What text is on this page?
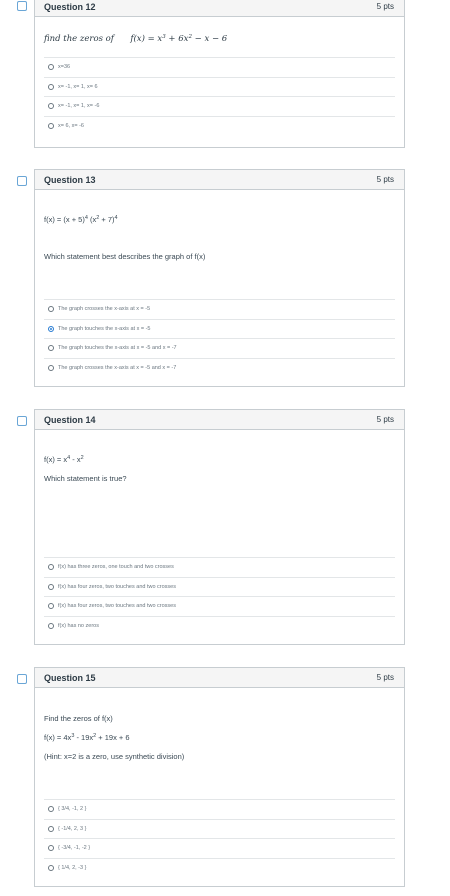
Question 12	5 pts
find the zeros of $f(x) = x^3 + 6x^2 - x - 6$
x=36
x= -1, x= 1, x= 6
x= -1, x= 1, x= -6
x= 6, x= -6
Question 13	5 pts
$f(x) = (x + 5)^4$ $(x^2 + 7)^4$
Which statement best describes the graph of f(x)
The graph crosses the x-axis at x = -5
The graph touches the x-axis at x = -5
The graph touches the x-axis at x = -5 and x = -7
The graph crosses the x-axis at x = -5 and x = -7
Question 14	5 pts
$f(x) = x^4 - x^2$
Which statement is true?
f(x) has three zeros, one touch and two crosses
f(x) has four zeros, two touches and two crosses
f(x) has four zeros, two touches and two crosses
f(x) has no zeros
Question 15	5 pts
Find the zeros of f(x)
$f(x) = 4x^3 - 19x^2 + 19x + 6$
(Hint: x=2 is a zero, use synthetic division)
{ 3/4, -1, 2 }
{ -1/4, 2, 3 }
{ -3/4, -1, -2 }
{ 1/4, 2, -3 }
